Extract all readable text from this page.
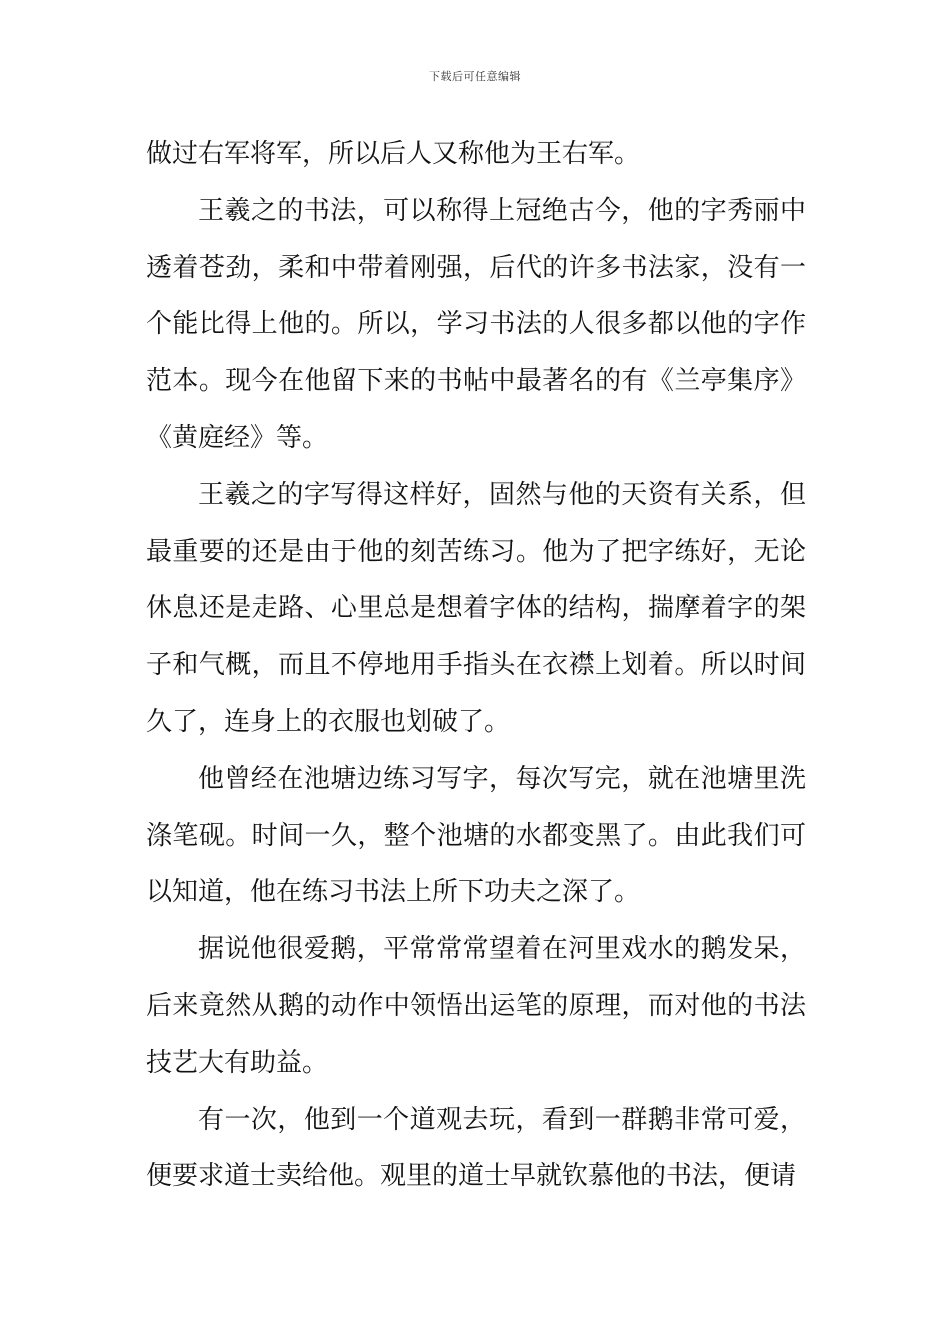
下载后可任意编辑

做过右军将军，所以后人又称他为王右军。

王羲之的书法，可以称得上冠绝古今，他的字秀丽中透着苍劲，柔和中带着刚强，后代的许多书法家，没有一个能比得上他的。所以，学习书法的人很多都以他的字作范本。现今在他留下来的书帖中最著名的有《兰亭集序》《黄庭经》等。

王羲之的字写得这样好，固然与他的天资有关系，但最重要的还是由于他的刻苦练习。他为了把字练好，无论休息还是走路、心里总是想着字体的结构，揣摩着字的架子和气概，而且不停地用手指头在衣襟上划着。所以时间久了，连身上的衣服也划破了。

他曾经在池塘边练习写字，每次写完，就在池塘里洗涤笔砚。时间一久，整个池塘的水都变黑了。由此我们可以知道，他在练习书法上所下功夫之深了。

据说他很爱鹅，平常常常望着在河里戏水的鹅发呆，后来竟然从鹅的动作中领悟出运笔的原理，而对他的书法技艺大有助益。

有一次，他到一个道观去玩，看到一群鹅非常可爱，便要求道士卖给他。观里的道士早就钦慕他的书法，便请
